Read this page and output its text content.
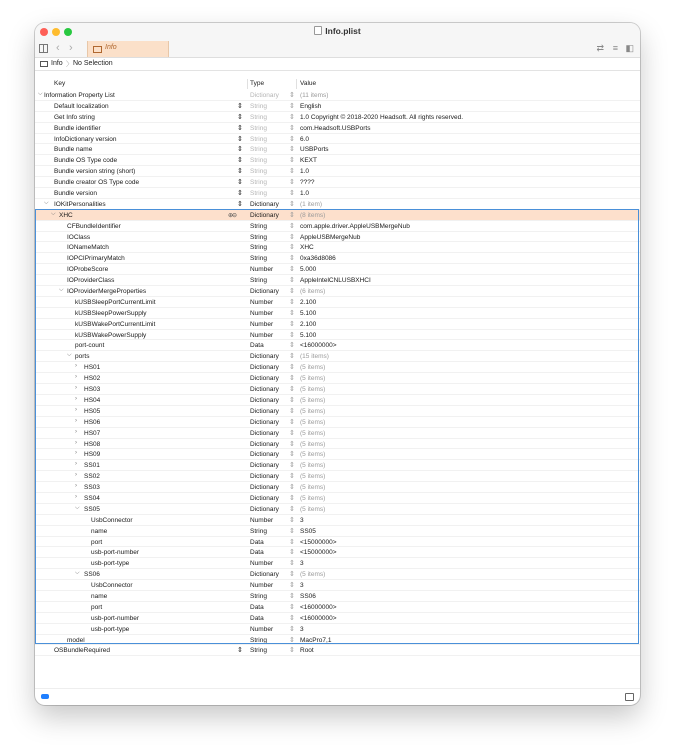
Info.plist
‹ ›	Info	⇄ ≡ ◧
Info 〉 No Selection
Key	Type	Value
⌵ Information Property List	Dictionary ⇕ (11 items)
Default localization	⇕ String	⇕ English
Get Info string	⇕ String	⇕ 1.0 Copyright © 2018-2020 Headsoft. All rights reserved.
Bundle identifier	⇕ String	⇕ com.Headsoft.USBPorts
InfoDictionary version	⇕ String	⇕ 6.0
Bundle name	⇕ String	⇕ USBPorts
Bundle OS Type code	⇕ String	⇕ KEXT
Bundle version string (short)	⇕ String	⇕ 1.0
Bundle creator OS Type code	⇕ String	⇕ ????
Bundle version	⇕ String	⇕ 1.0
⌵ IOKitPersonalities	⇕ Dictionary ⇕ (1 item)
⌵ XHC	⊕⊖ Dictionary ⇕ (8 items)
CFBundleIdentifier	String	⇕ com.apple.driver.AppleUSBMergeNub
IOClass	String	⇕ AppleUSBMergeNub
IONameMatch	String	⇕ XHC
IOPCIPrimaryMatch	String	⇕ 0xa36d8086
IOProbeScore	Number ⇕ 5.000
IOProviderClass	String	⇕ AppleIntelCNLUSBXHCI
⌵ IOProviderMergeProperties	Dictionary ⇕ (6 items)
kUSBSleepPortCurrentLimit	Number ⇕ 2.100
kUSBSleepPowerSupply	Number ⇕ 5.100
kUSBWakePortCurrentLimit	Number ⇕ 2.100
kUSBWakePowerSupply	Number ⇕ 5.100
port-count	Data	⇕ <16000000>
⌵ ports	Dictionary ⇕ (15 items)
› HS01	Dictionary ⇕ (5 items)
› HS02	Dictionary ⇕ (5 items)
› HS03	Dictionary ⇕ (5 items)
› HS04	Dictionary ⇕ (5 items)
› HS05	Dictionary ⇕ (5 items)
› HS06	Dictionary ⇕ (5 items)
› HS07	Dictionary ⇕ (5 items)
› HS08	Dictionary ⇕ (5 items)
› HS09	Dictionary ⇕ (5 items)
› SS01	Dictionary ⇕ (5 items)
› SS02	Dictionary ⇕ (5 items)
› SS03	Dictionary ⇕ (5 items)
› SS04	Dictionary ⇕ (5 items)
⌵ SS05	Dictionary ⇕ (5 items)
UsbConnector	Number ⇕ 3
name	String	⇕ SS05
port	Data	⇕ <15000000>
usb-port-number	Data	⇕ <15000000>
usb-port-type	Number ⇕ 3
⌵ SS06	Dictionary ⇕ (5 items)
UsbConnector	Number ⇕ 3
name	String	⇕ SS06
port	Data	⇕ <16000000>
usb-port-number	Data	⇕ <16000000>
usb-port-type	Number ⇕ 3
model	String	⇕ MacPro7,1
OSBundleRequired	⇕ String	⇕ Root
